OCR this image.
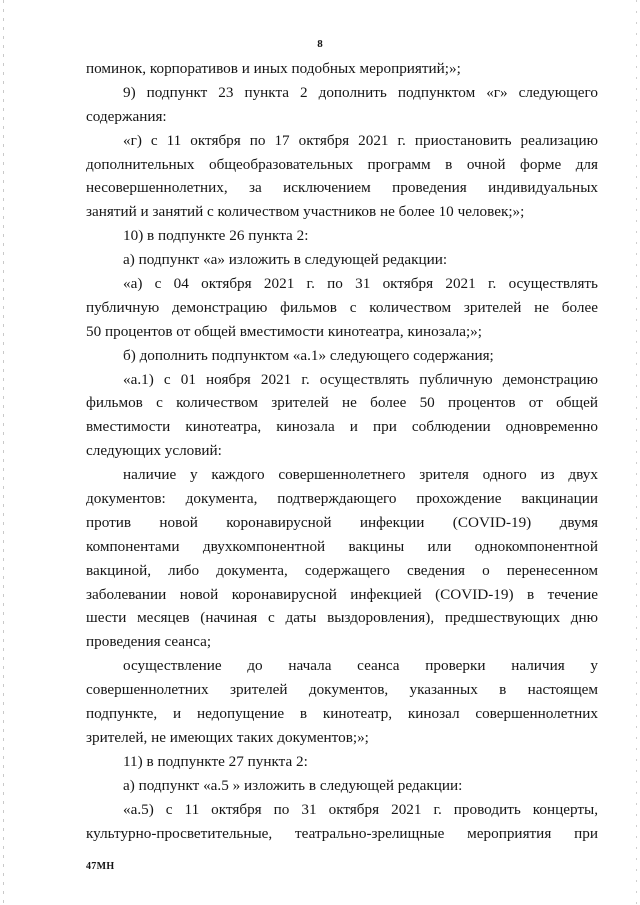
8
поминок, корпоративов и иных подобных мероприятий;»;
9) подпункт 23 пункта 2 дополнить подпунктом «г» следующего
содержания:
«г) с 11 октября по 17 октября 2021 г. приостановить реализацию
дополнительных общеобразовательных программ в очной форме для
несовершеннолетних, за исключением проведения индивидуальных
занятий и занятий с количеством участников не более 10 человек;»;
10) в подпункте 26 пункта 2:
а) подпункт «а» изложить в следующей редакции:
«а) с 04 октября 2021 г. по 31 октября 2021 г. осуществлять
публичную демонстрацию фильмов с количеством зрителей не более
50 процентов от общей вместимости кинотеатра, кинозала;»;
б) дополнить подпунктом «а.1» следующего содержания;
«а.1) с 01 ноября 2021 г. осуществлять публичную демонстрацию
фильмов с количеством зрителей не более 50 процентов от общей
вместимости кинотеатра, кинозала и при соблюдении одновременно
следующих условий:
наличие у каждого совершеннолетнего зрителя одного из двух
документов: документа, подтверждающего прохождение вакцинации
против новой коронавирусной инфекции (COVID-19) двумя
компонентами двухкомпонентной вакцины или однокомпонентной
вакциной, либо документа, содержащего сведения о перенесенном
заболевании новой коронавирусной инфекцией (COVID-19) в течение
шести месяцев (начиная с даты выздоровления), предшествующих дню
проведения сеанса;
осуществление до начала сеанса проверки наличия у
совершеннолетних зрителей документов, указанных в настоящем
подпункте, и недопущение в кинотеатр, кинозал совершеннолетних
зрителей, не имеющих таких документов;»;
11) в подпункте 27 пункта 2:
а) подпункт «а.5 » изложить в следующей редакции:
«а.5) с 11 октября по 31 октября 2021 г. проводить концерты,
культурно-просветительные, театрально-зрелищные мероприятия при
47МН
